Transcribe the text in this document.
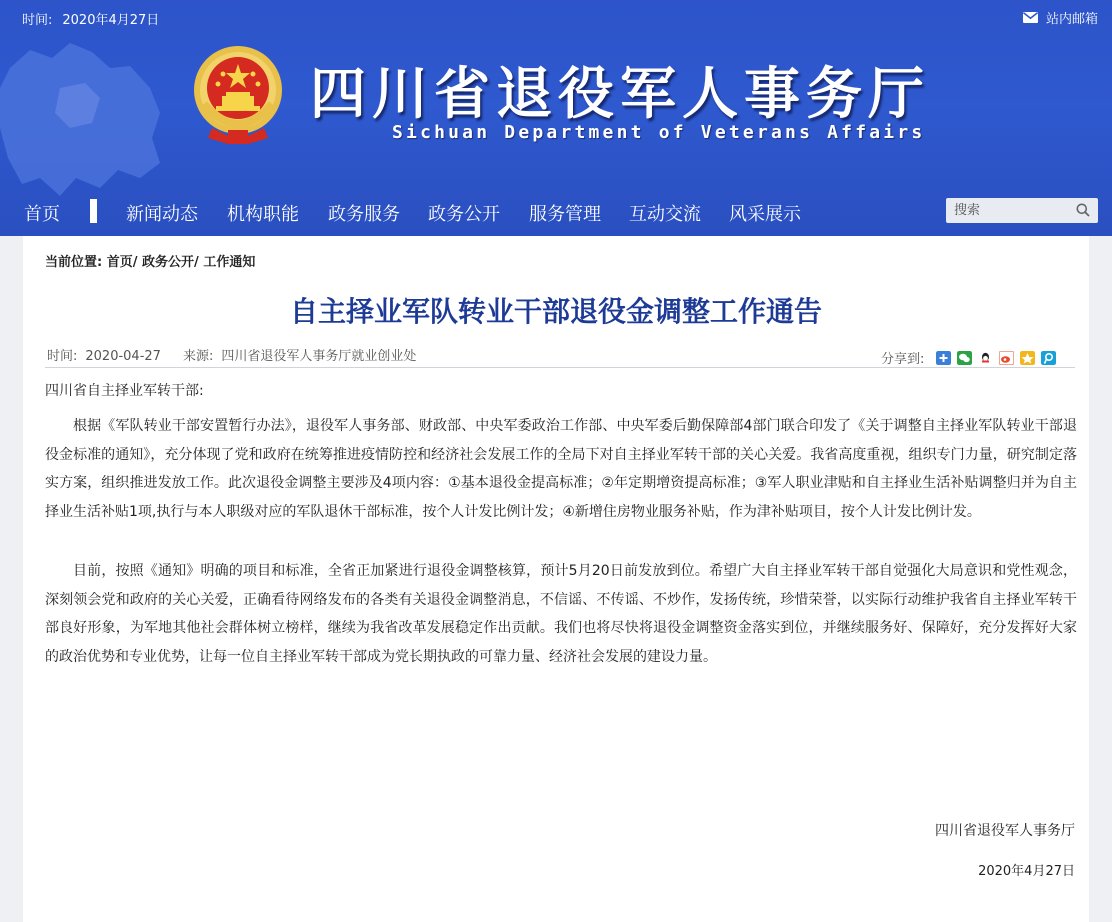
时间: 2020年4月27日	站内邮箱
四川省退役军人事务厅
Sichuan Department of Veterans Affairs
首页	新闻动态 机构职能 政务服务 政务公开 服务管理 互动交流 风采展示
搜索
当前位置: 首页/ 政务公开/ 工作通知
自主择业军队转业干部退役金调整工作通告
时间: 2020-04-27 来源: 四川省退役军人事务厅就业创业处	分享到:
四川省自主择业军转干部:

根据《军队转业干部安置暂行办法》，退役军人事务部、财政部、中央军委政治工作部、中央军委后勤保障部4部门联合印发了《关于调整自主择业军队转业干部退役金标准的通知》，充分体现了党和政府在统筹推进疫情防控和经济社会发展工作的全局下对自主择业军转干部的关心关爱。我省高度重视，组织专门力量，研究制定落实方案，组织推进发放工作。此次退役金调整主要涉及4项内容：①基本退役金提高标准；②年定期增资提高标准；③军人职业津贴和自主择业生活补贴调整归并为自主择业生活补贴1项,执行与本人职级对应的军队退休干部标准，按个人计发比例计发；④新增住房物业服务补贴，作为津补贴项目，按个人计发比例计发。

目前，按照《通知》明确的项目和标准，全省正加紧进行退役金调整核算，预计5月20日前发放到位。希望广大自主择业军转干部自觉强化大局意识和党性观念，深刻领会党和政府的关心关爱，正确看待网络发布的各类有关退役金调整消息，不信谣、不传谣、不炒作，发扬传统，珍惜荣誉，以实际行动维护我省自主择业军转干部良好形象，为军地其他社会群体树立榜样，继续为我省改革发展稳定作出贡献。我们也将尽快将退役金调整资金落实到位，并继续服务好、保障好，充分发挥好大家的政治优势和专业优势，让每一位自主择业军转干部成为党长期执政的可靠力量、经济社会发展的建设力量。

四川省退役军人事务厅
2020年4月27日
